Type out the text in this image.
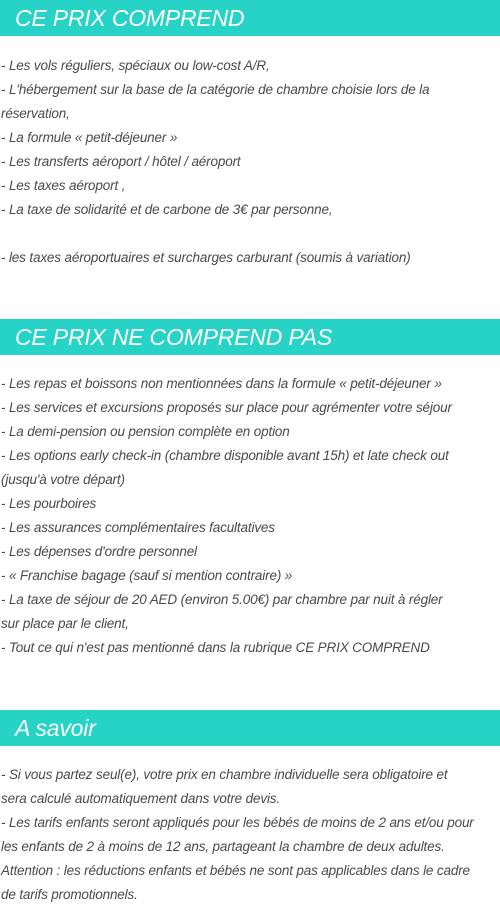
CE PRIX COMPREND
- Les vols réguliers, spéciaux ou low-cost A/R,
- L'hébergement sur la base de la catégorie de chambre choisie lors de la
réservation,
- La formule « petit-déjeuner »
- Les transferts aéroport / hôtel / aéroport
- Les taxes aéroport ,
- La taxe de solidarité et de carbone de 3€ par personne,
- les taxes aéroportuaires et surcharges carburant (soumis à variation)
CE PRIX NE COMPREND PAS
- Les repas et boissons non mentionnées dans la formule « petit-déjeuner »
- Les services et excursions proposés sur place pour agrémenter votre séjour
- La demi-pension ou pension complète en option
- Les options early check-in (chambre disponible avant 15h) et late check out
(jusqu'à votre départ)
- Les pourboires
- Les assurances complémentaires facultatives
- Les dépenses d'ordre personnel
- « Franchise bagage (sauf si mention contraire) »
- La taxe de séjour de 20 AED (environ 5.00€) par chambre par nuit à régler
sur place par le client,
- Tout ce qui n'est pas mentionné dans la rubrique CE PRIX COMPREND
A savoir
- Si vous partez seul(e), votre prix en chambre individuelle sera obligatoire et
sera calculé automatiquement dans votre devis.
- Les tarifs enfants seront appliqués pour les bébés de moins de 2 ans et/ou pour
les enfants de 2 à moins de 12 ans, partageant la chambre de deux adultes.
Attention : les réductions enfants et bébés ne sont pas applicables dans le cadre
de tarifs promotionnels.
